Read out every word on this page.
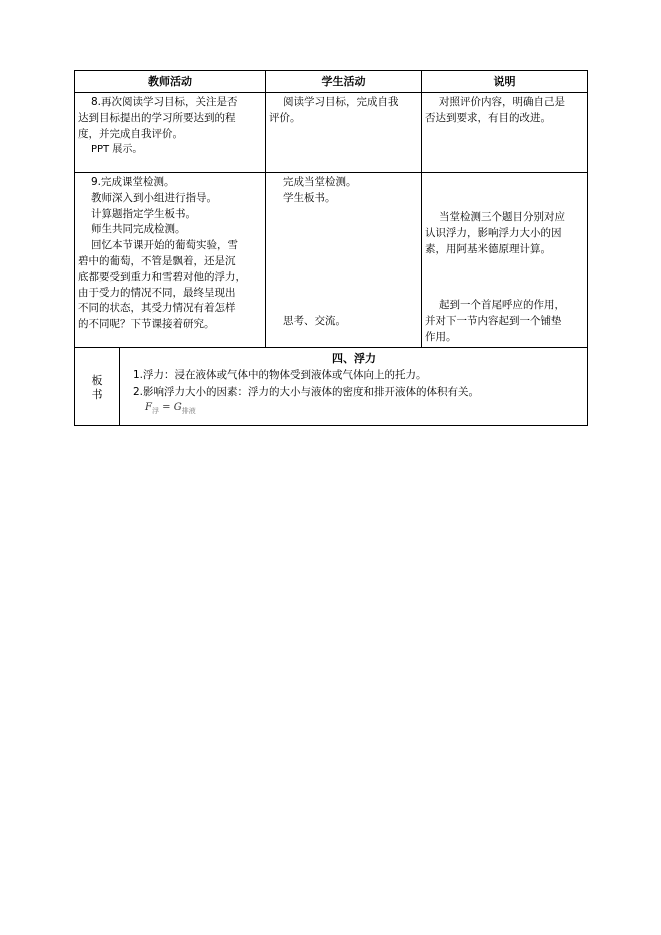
教师活动	学生活动	说明

8.再次阅读学习目标，关注是否

达到目标提出的学习所要达到的程

度，并完成自我评价。

PPT 展示。

阅读学习目标，完成自我

评价。

对照评价内容，明确自己是

否达到要求，有目的改进。

9.完成课堂检测。

教师深入到小组进行指导。

计算题指定学生板书。

师生共同完成检测。

回忆本节课开始的葡萄实验，雪

碧中的葡萄，不管是飘着，还是沉

底都要受到重力和雪碧对他的浮力，

由于受力的情况不同，最终呈现出

不同的状态，其受力情况有着怎样

的不同呢？下节课接着研究。

完成当堂检测。

学生板书。

思考、交流。

当堂检测三个题目分别对应

认识浮力，影响浮力大小的因

素，用阿基米德原理计算。

起到一个首尾呼应的作用，

并对下一节内容起到一个铺垫

作用。

板
书
四、浮力
1.浮力：浸在液体或气体中的物体受到液体或气体向上的托力。
2.影响浮力大小的因素：浮力的大小与液体的密度和排开液体的体积有关。
$F_浮 = G_{排液}$
